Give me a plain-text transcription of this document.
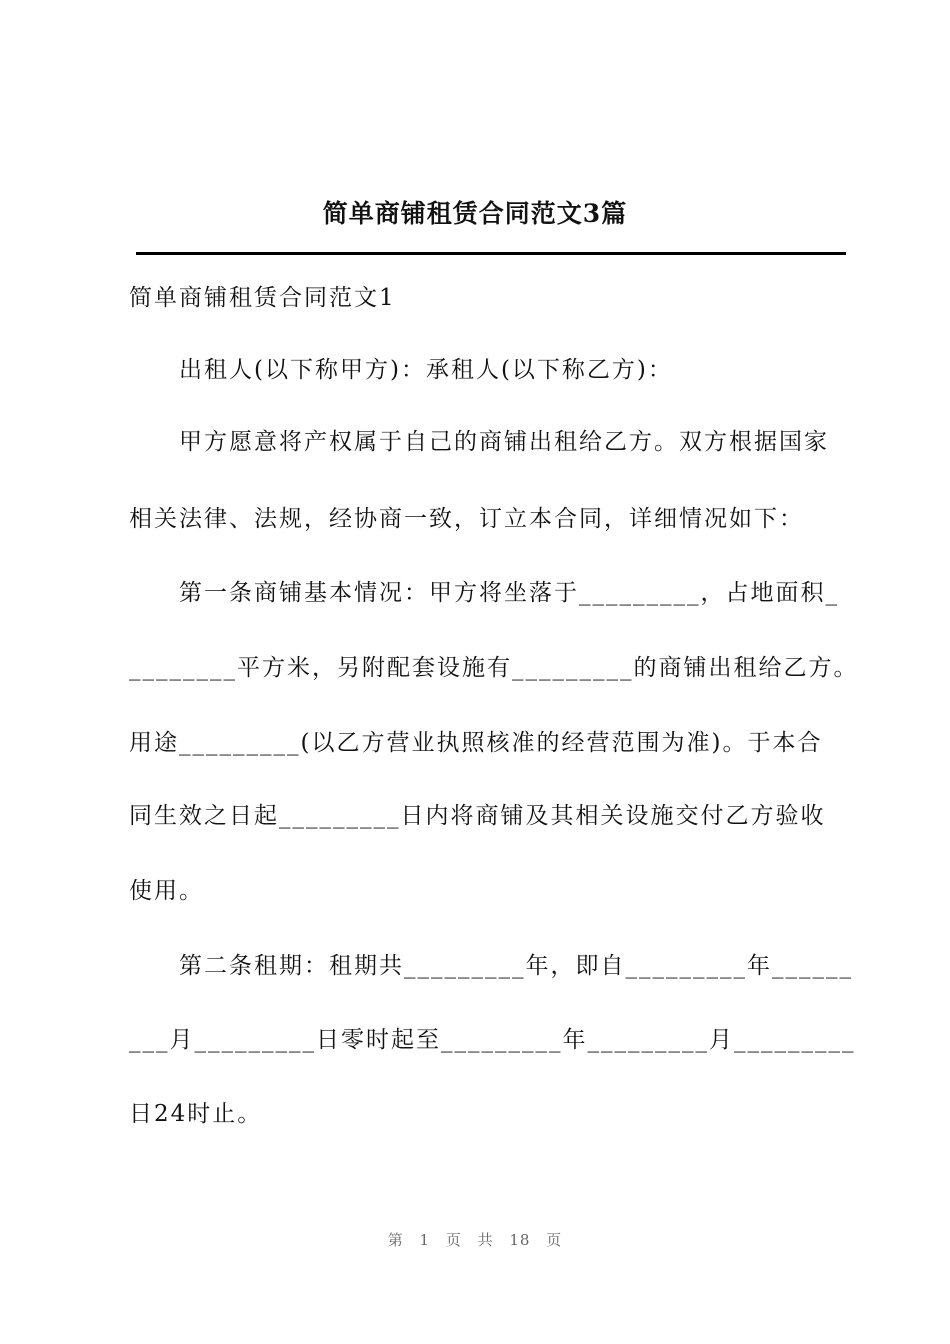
简单商铺租赁合同范文3篇
简单商铺租赁合同范文1
　　出租人(以下称甲方)：承租人(以下称乙方)：
　　甲方愿意将产权属于自己的商铺出租给乙方。双方根据国家
相关法律、法规，经协商一致，订立本合同，详细情况如下：
　　第一条商铺基本情况：甲方将坐落于_________，占地面积_
________平方米，另附配套设施有_________的商铺出租给乙方。
用途_________(以乙方营业执照核准的经营范围为准)。于本合
同生效之日起_________日内将商铺及其相关设施交付乙方验收
使用。
　　第二条租期：租期共_________年，即自_________年______
___月_________日零时起至_________年_________月_________
日24时止。
第 1 页 共 18 页
